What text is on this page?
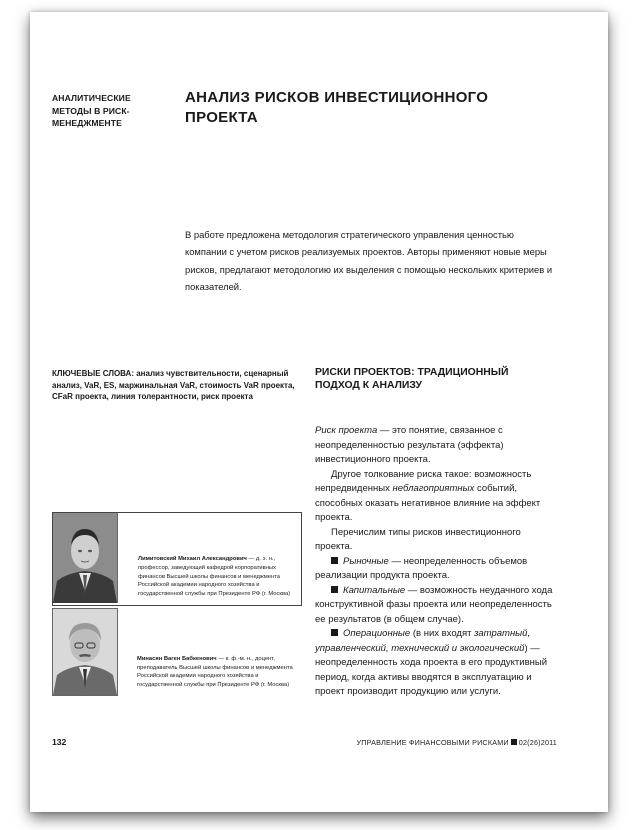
АНАЛИТИЧЕСКИЕ МЕТОДЫ В РИСК-МЕНЕДЖМЕНТЕ
АНАЛИЗ РИСКОВ ИНВЕСТИЦИОННОГО ПРОЕКТА
В работе предложена методология стратегического управления ценностью компании с учетом рисков реализуемых проектов. Авторы применяют новые меры рисков, предлагают методологию их выделения с помощью нескольких критериев и показателей.
КЛЮЧЕВЫЕ СЛОВА: анализ чувствительности, сценарный анализ, VaR, ES, маржинальная VaR, стоимость VaR проекта, CFaR проекта, линия толерантности, риск проекта
РИСКИ ПРОЕКТОВ: ТРАДИЦИОННЫЙ ПОДХОД К АНАЛИЗУ

Риск проекта — это понятие, связанное с неопределенностью результата (эффекта) инвестиционного проекта.

Другое толкование риска такое: возможность непредвиденных неблагоприятных событий, способных оказать негативное влияние на эффект проекта.

Перечислим типы рисков инвестиционного проекта.

Рыночные — неопределенность объемов реализации продукта проекта.

Капитальные — возможность неудачного хода конструктивной фазы проекта или неопределенность ее результатов (в общем случае).

Операционные (в них входят затратный, управленческий, технический и экологический) — неопределенность хода проекта в его продуктивный период, когда активы вводятся в эксплуатацию и проект производит продукцию или услуги.

Лимитовский Михаил Александрович — д. э. н., профессор, заведующий кафедрой корпоративных финансов Высшей школы финансов и менеджмента Российской академии народного хозяйства и государственной службы при Президенте РФ (г. Москва)
Минасян Ваген Бабкенович — к. ф.-м. н., доцент, преподаватель Высшей школы финансов и менеджмента Российской академии народного хозяйства и государственной службы при Президенте РФ (г. Москва)
132	УПРАВЛЕНИЕ ФИНАНСОВЫМИ РИСКАМИ 02(26)2011
